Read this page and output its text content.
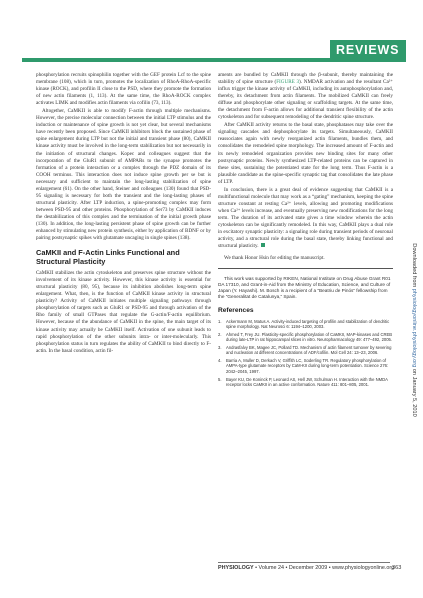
REVIEWS

phosphorylation recruits spinophilin together with the GEF protein Lcf to the spine membrane (108), which in turn, promotes the localization of RhoA-RhoA-specific kinase (ROCK), and profilin II close to the PSD, where they promote the formation of new actin filaments (1, 113). At the same time, the RhoA-ROCK complex activates LIMK and modifies actin filaments via cofilin (73, 113).

Altogether, CaMKII is able to modify F-actin through multiple mechanisms. However, the precise molecular connection between the initial LTP stimulus and the induction or maintenance of spine growth is not yet clear, but several mechanisms have recently been proposed. Since CaMKII inhibitors block the sustained phase of spine enlargement during LTP but not the initial and transient phase (80), CaMKII kinase activity must be involved in the long-term stabilization but not necessarily in the initiation of structural changes. Kopec and colleagues suggest that the incorporation of the GluR1 subunit of AMPARs to the synapse promotes the formation of a protein interaction or a complex through the PDZ domain of its COOH terminus. This interaction does not induce spine growth per se but is necessary and sufficient to maintain the long-lasting stabilization of spine enlargement (61). On the other hand, Steiner and colleagues (130) found that PSD-95 signaling is necessary for both the transient and the long-lasting phases of structural plasticity. After LTP induction, a spine-promoting complex may form between PSD-95 and other proteins. Phosphorylation of Ser73 by CaMKII induces the destabilization of this complex and the termination of the initial growth phase (130). In addition, the long-lasting persistent phase of spine growth can be further enhanced by stimulating new protein synthesis, either by application of BDNF or by pairing postsynaptic spikes with glutamate uncaging in single spines (138).

CaMKII and F-Actin Links Functional and Structural Plasticity

CaMKII stabilizes the actin cytoskeleton and preserves spine structure without the involvement of its kinase activity. However, this kinase activity is essential for structural plasticity (80, 95), because its inhibition abolishes long-term spine enlargement. What, then, is the function of CaMKII kinase activity in structural plasticity? Activity of CaMKII initiates multiple signaling pathways through phosphorylation of targets such as GluR1 or PSD-95 and through activation of the Rho family of small GTPases that regulate the G-actin/F-actin equilibrium. However, because of the abundance of CaMKII in the spine, the main target of its kinase activity may actually be CaMKII itself. Activation of one subunit leads to rapid phosphorylation of the other subunits intra- or inter-molecularly. This phosphorylation status in turn regulates the ability of CaMKII to bind directly to F-actin. In the basal condition, actin fil-

aments are bundled by CaMKII through the β-subunit, thereby maintaining the stability of spine structure (FIGURE 3). NMDAR activation and the resultant Ca²⁺ influx trigger the kinase activity of CaMKII, including its autophosphorylation and, thereby, its detachment from actin filaments. The mobilized CaMKII can freely diffuse and phosphorylate other signaling or scaffolding targets. At the same time, the detachment from F-actin allows for additional transient flexibility of the actin cytoskeleton and for subsequent remodeling of the dendritic spine structure.

After CaMKII activity returns to the basal state, phosphatases may take over the signaling cascades and dephosphorylate its targets. Simultaneously, CaMKII reassociates again with newly reorganized actin filaments, bundles them, and consolidates the remodeled spine morphology. The increased amount of F-actin and its newly remodeled organization provides new binding sites for many other postsynaptic proteins. Newly synthesized LTP-related proteins can be captured in these sites, sustaining the potentiated state for the long term. Thus F-actin is a plausible candidate as the spine-specific synaptic tag that consolidates the late phase of LTP.

In conclusion, there is a great deal of evidence suggesting that CaMKII is a multifunctional molecule that may work as a “gating” mechanism, keeping the spine structure constant at resting Ca²⁺ levels, allowing and promoting modifications when Ca²⁺ levels increase, and eventually preserving new modifications for the long term. The duration of its activated state gives a time window wherein the actin cytoskeleton can be significantly remodeled. In this way, CaMKII plays a dual role in excitatory synaptic plasticity: a signaling role during transient periods of neuronal activity, and a structural role during the basal state, thereby linking functional and structural plasticity.

We thank Honor Hsin for editing the manuscript.

This work was supported by RIKEN, National Institute on Drug Abuse Grant R01 DA 17310, and Grant-in-Aid from the Ministry of Education, Science, and Culture of Japan (Y. Hayashi). M. Bosch is a recipient of a “Beatriu de Pinós” fellowship from the “Generalitat de Catalunya,” Spain.

References
1.	Ackermann M, Matus A. Activity-induced targeting of profilin and stabilization of dendritic spine morphology. Nat Neurosci 6: 1194–1200, 2003.
2.	Ahmed T, Frey JU. Plasticity-specific phosphorylation of CaMKII, MAP-kinases and CREB during late-LTP in rat hippocampal slices in vitro. Neuropharmacology 49: 477–492, 2005.
3.	Andrasfalvy BK, Magee JC, Pollard TD. Mechanism of actin filament turnover by severing and nucleation at different concentrations of ADF/cofilin. Mol Cell 24: 13–23, 2006.
4.	Barria A, Muller D, Derkach V, Griffith LC, Soderling TR. Regulatory phosphorylation of AMPA-type glutamate receptors by CaM-KII during long-term potentiation. Science 276: 2042–2045, 1997.
5.	Bayer KU, De Koninck P, Leonard AS, Hell JW, Schulman H. Interaction with the NMDA receptor locks CaMKII in an active conformation. Nature 411: 801–805, 2001.
PHYSIOLOGY • Volume 24 • December 2009 • www.physiologyonline.org
363
Downloaded from physiologyonline.physiology.org on January 5, 2010
